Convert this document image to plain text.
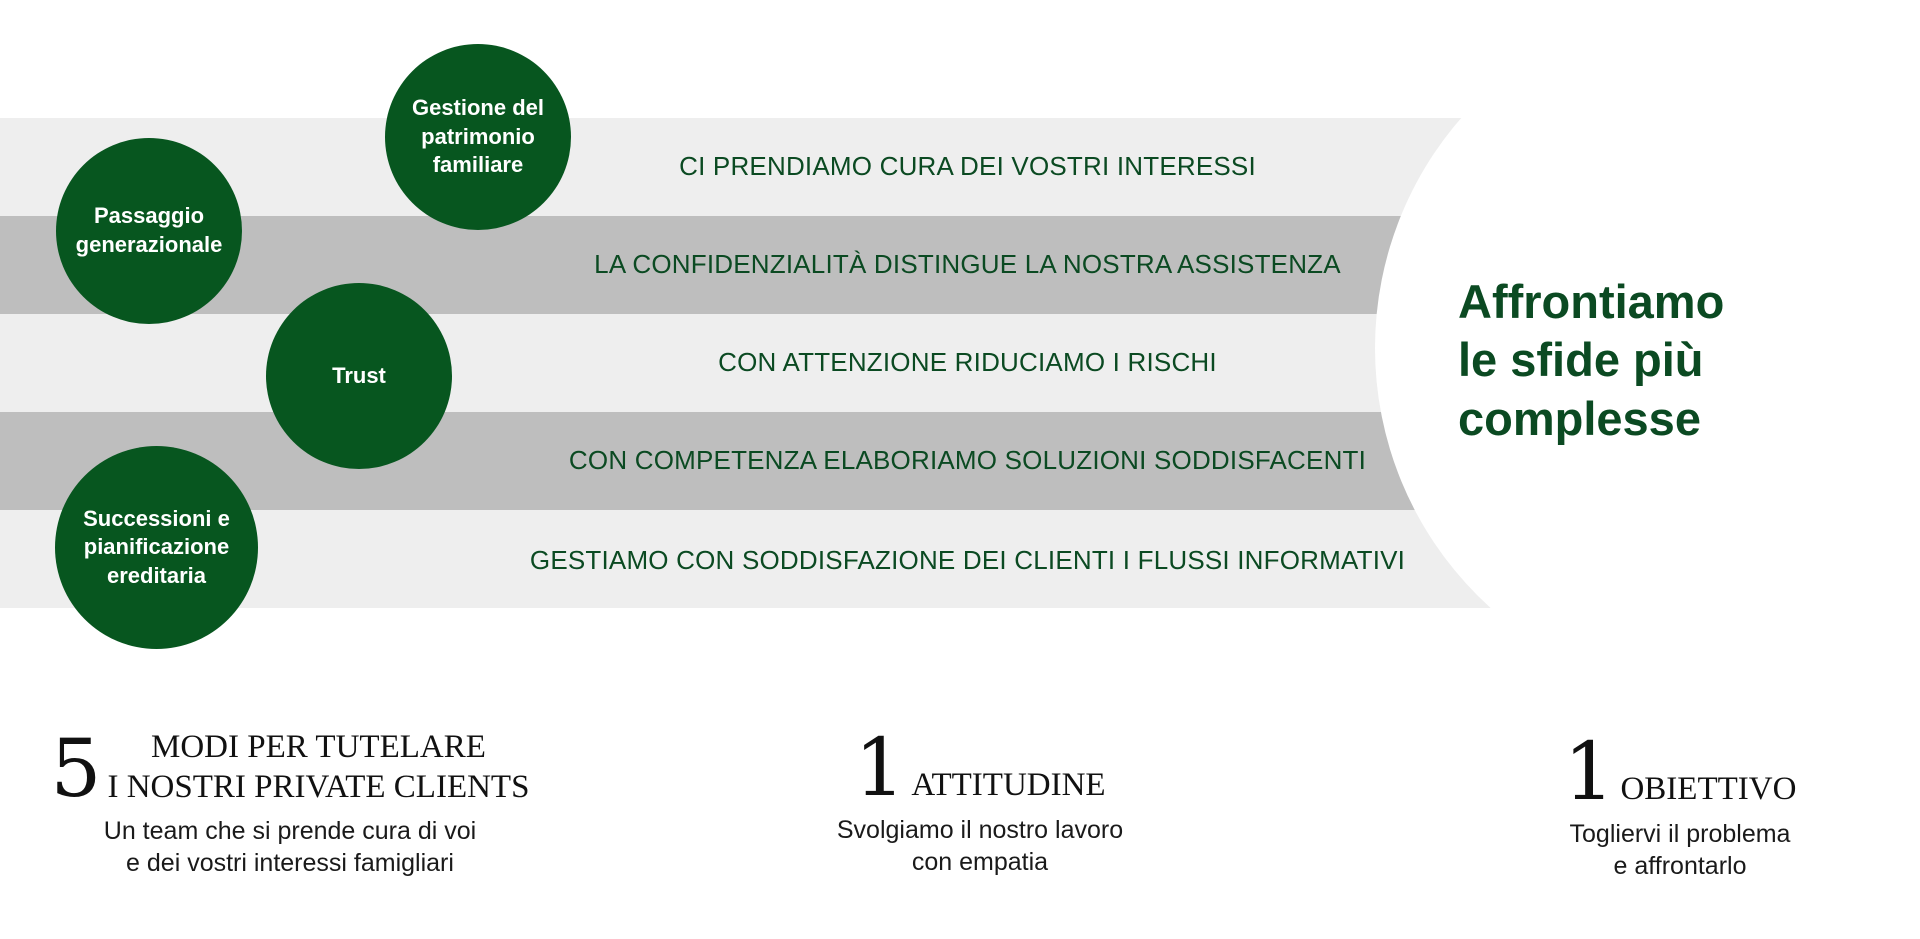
CI PRENDIAMO CURA DEI VOSTRI INTERESSI
LA CONFIDENZIALITÀ DISTINGUE LA NOSTRA ASSISTENZA
CON ATTENZIONE RIDUCIAMO I RISCHI
CON COMPETENZA ELABORIAMO SOLUZIONI SODDISFACENTI
GESTIAMO CON SODDISFAZIONE DEI CLIENTI I FLUSSI INFORMATIVI
Gestione del
patrimonio
familiare
Passaggio
generazionale
Trust
Successioni e
pianificazione
ereditaria
Affrontiamo
le sfide più
complesse
5	MODI PER TUTELARE
I NOSTRI PRIVATE CLIENTS
Un team che si prende cura di voi
e dei vostri interessi famigliari
1 ATTITUDINE
Svolgiamo il nostro lavoro
con empatia
1 OBIETTIVO
Togliervi il problema
e affrontarlo
